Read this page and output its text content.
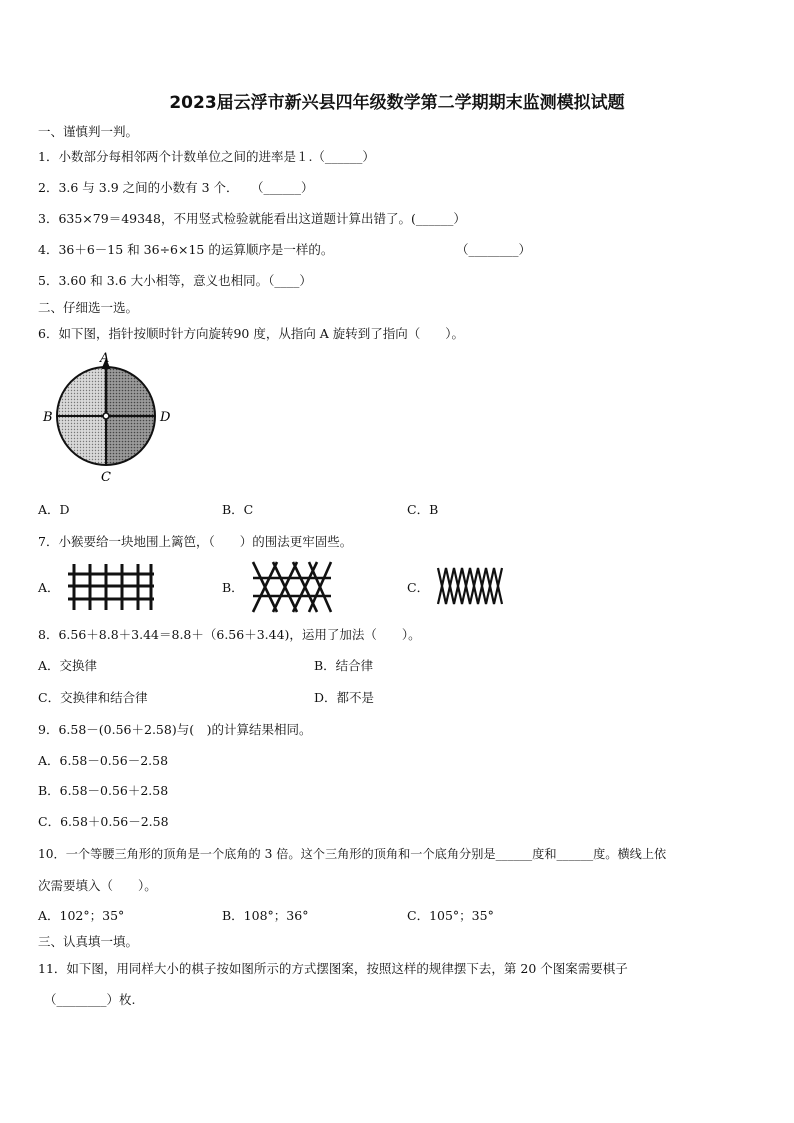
2023届云浮市新兴县四年级数学第二学期期末监测模拟试题
一、谨慎判一判。
1．小数部分每相邻两个计数单位之间的进率是１.（______）
2．3.6 与 3.9 之间的小数有 3 个．　　（______）
3．635×79＝49348，不用竖式检验就能看出这道题计算出错了。(______）
4．36＋6－15 和 36÷6×15 的运算顺序是一样的。	（________）
5．3.60 和 3.6 大小相等，意义也相同。（____）
二、仔细选一选。
6．如下图，指针按顺时针方向旋转90 度，从指向 A 旋转到了指向（　　）。
A
B	D
C
A．D	B．C	C．B
7．小猴要给一块地围上篱笆，（　　）的围法更牢固些。
A．	B．	C．
8．6.56＋8.8＋3.44＝8.8＋（6.56＋3.44)，运用了加法（　　）。
A．交换律	B．结合律
C．交换律和结合律	D．都不是
9．6.58－(0.56＋2.58)与(　)的计算结果相同。
A．6.58－0.56－2.58
B．6.58－0.56＋2.58
C．6.58＋0.56－2.58
10．一个等腰三角形的顶角是一个底角的 3 倍。这个三角形的顶角和一个底角分别是______度和______度。横线上依
次需要填入（　　）。
A．102°；35°	B．108°；36°	C．105°；35°
三、认真填一填。
11．如下图，用同样大小的棋子按如图所示的方式摆图案，按照这样的规律摆下去，第 20 个图案需要棋子
（________）枚.
